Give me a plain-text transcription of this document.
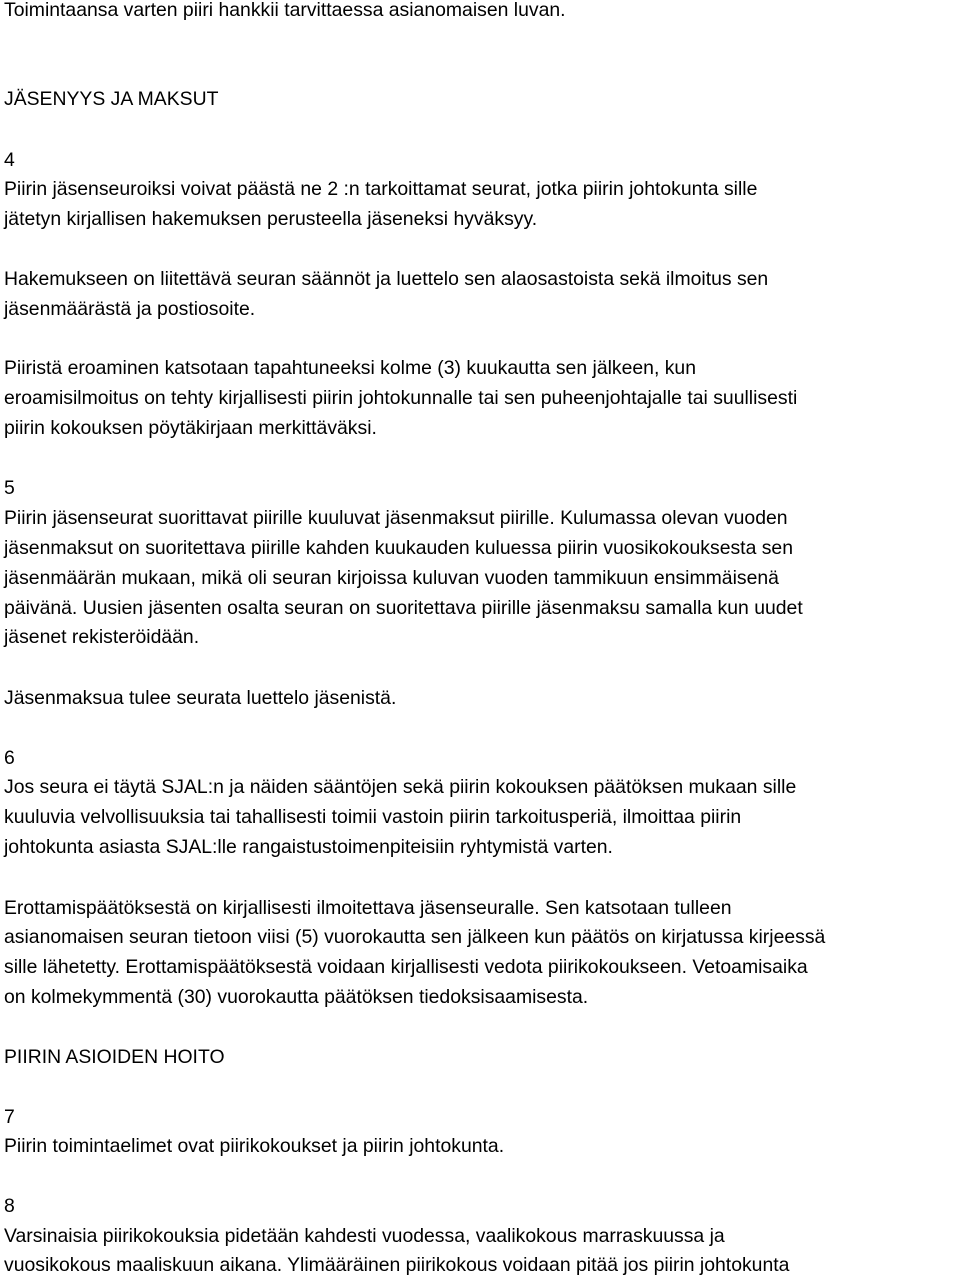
Toimintaansa varten piiri hankkii tarvittaessa asianomaisen luvan.

JÄSENYYS JA MAKSUT

4

Piirin jäsenseuroiksi voivat päästä ne 2 :n tarkoittamat seurat, jotka piirin johtokunta sille

jätetyn kirjallisen hakemuksen perusteella jäseneksi hyväksyy.

Hakemukseen on liitettävä seuran säännöt ja luettelo sen alaosastoista sekä ilmoitus sen

jäsenmäärästä ja postiosoite.

Piiristä eroaminen katsotaan tapahtuneeksi kolme (3) kuukautta sen jälkeen, kun

eroamisilmoitus on tehty kirjallisesti piirin johtokunnalle tai sen puheenjohtajalle tai suullisesti

piirin kokouksen pöytäkirjaan merkittäväksi.

5

Piirin jäsenseurat suorittavat piirille kuuluvat jäsenmaksut piirille. Kulumassa olevan vuoden

jäsenmaksut on suoritettava piirille kahden kuukauden kuluessa piirin vuosikokouksesta sen

jäsenmäärän mukaan, mikä oli seuran kirjoissa kuluvan vuoden tammikuun ensimmäisenä

päivänä. Uusien jäsenten osalta seuran on suoritettava piirille jäsenmaksu samalla kun uudet

jäsenet rekisteröidään.

Jäsenmaksua tulee seurata luettelo jäsenistä.

6

Jos seura ei täytä SJAL:n ja näiden sääntöjen sekä piirin kokouksen päätöksen mukaan sille

kuuluvia velvollisuuksia tai tahallisesti toimii vastoin piirin tarkoitusperiä, ilmoittaa piirin

johtokunta asiasta SJAL:lle rangaistustoimenpiteisiin ryhtymistä varten.

Erottamispäätöksestä on kirjallisesti ilmoitettava jäsenseuralle. Sen katsotaan tulleen

asianomaisen seuran tietoon viisi (5) vuorokautta sen jälkeen kun päätös on kirjatussa kirjeessä

sille lähetetty. Erottamispäätöksestä voidaan kirjallisesti vedota piirikokoukseen. Vetoamisaika

on kolmekymmentä (30) vuorokautta päätöksen tiedoksisaamisesta.

PIIRIN ASIOIDEN HOITO

7

Piirin toimintaelimet ovat piirikokoukset ja piirin johtokunta.

8

Varsinaisia piirikokouksia pidetään kahdesti vuodessa, vaalikokous marraskuussa ja

vuosikokous maaliskuun aikana. Ylimääräinen piirikokous voidaan pitää jos piirin johtokunta
